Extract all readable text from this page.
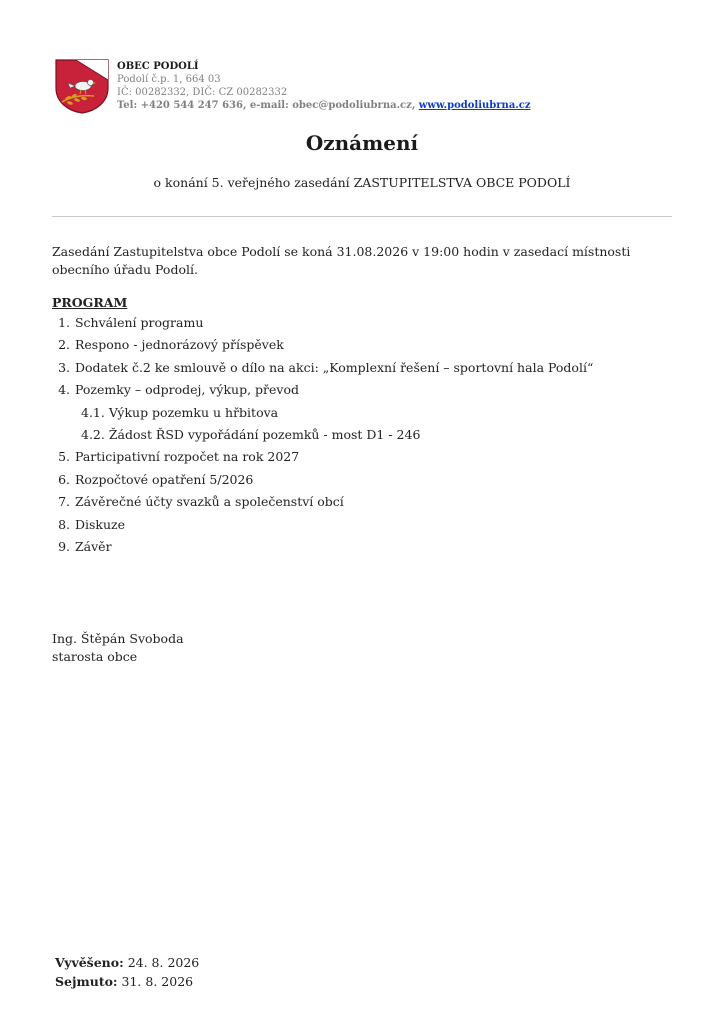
OBEC PODOLÍ
Podolí č.p. 1, 664 03
IČ: 00282332, DIČ: CZ 00282332
Tel: +420 544 247 636, e-mail: obec@podoliubrna.cz, www.podoliubrna.cz
Oznámení
o konání 5. veřejného zasedání ZASTUPITELSTVA OBCE PODOLÍ
Zasedání Zastupitelstva obce Podolí se koná 31.08.2026 v 19:00 hodin v zasedací místnosti obecního úřadu Podolí.
PROGRAM
1. Schválení programu
2. Respono - jednorázový příspěvek
3. Dodatek č.2 ke smlouvě o dílo na akci: „Komplexní řešení – sportovní hala Podolí“
4. Pozemky – odprodej, výkup, převod
4.1. Výkup pozemku u hřbitova
4.2. Žádost ŘSD vypořádání pozemků - most D1 - 246
5. Participativní rozpočet na rok 2027
6. Rozpočtové opatření 5/2026
7. Závěrečné účty svazků a společenství obcí
8. Diskuze
9. Závěr
Ing. Štěpán Svoboda
starosta obce
Vyvěšeno: 24. 8. 2026
Sejmuto: 31. 8. 2026
